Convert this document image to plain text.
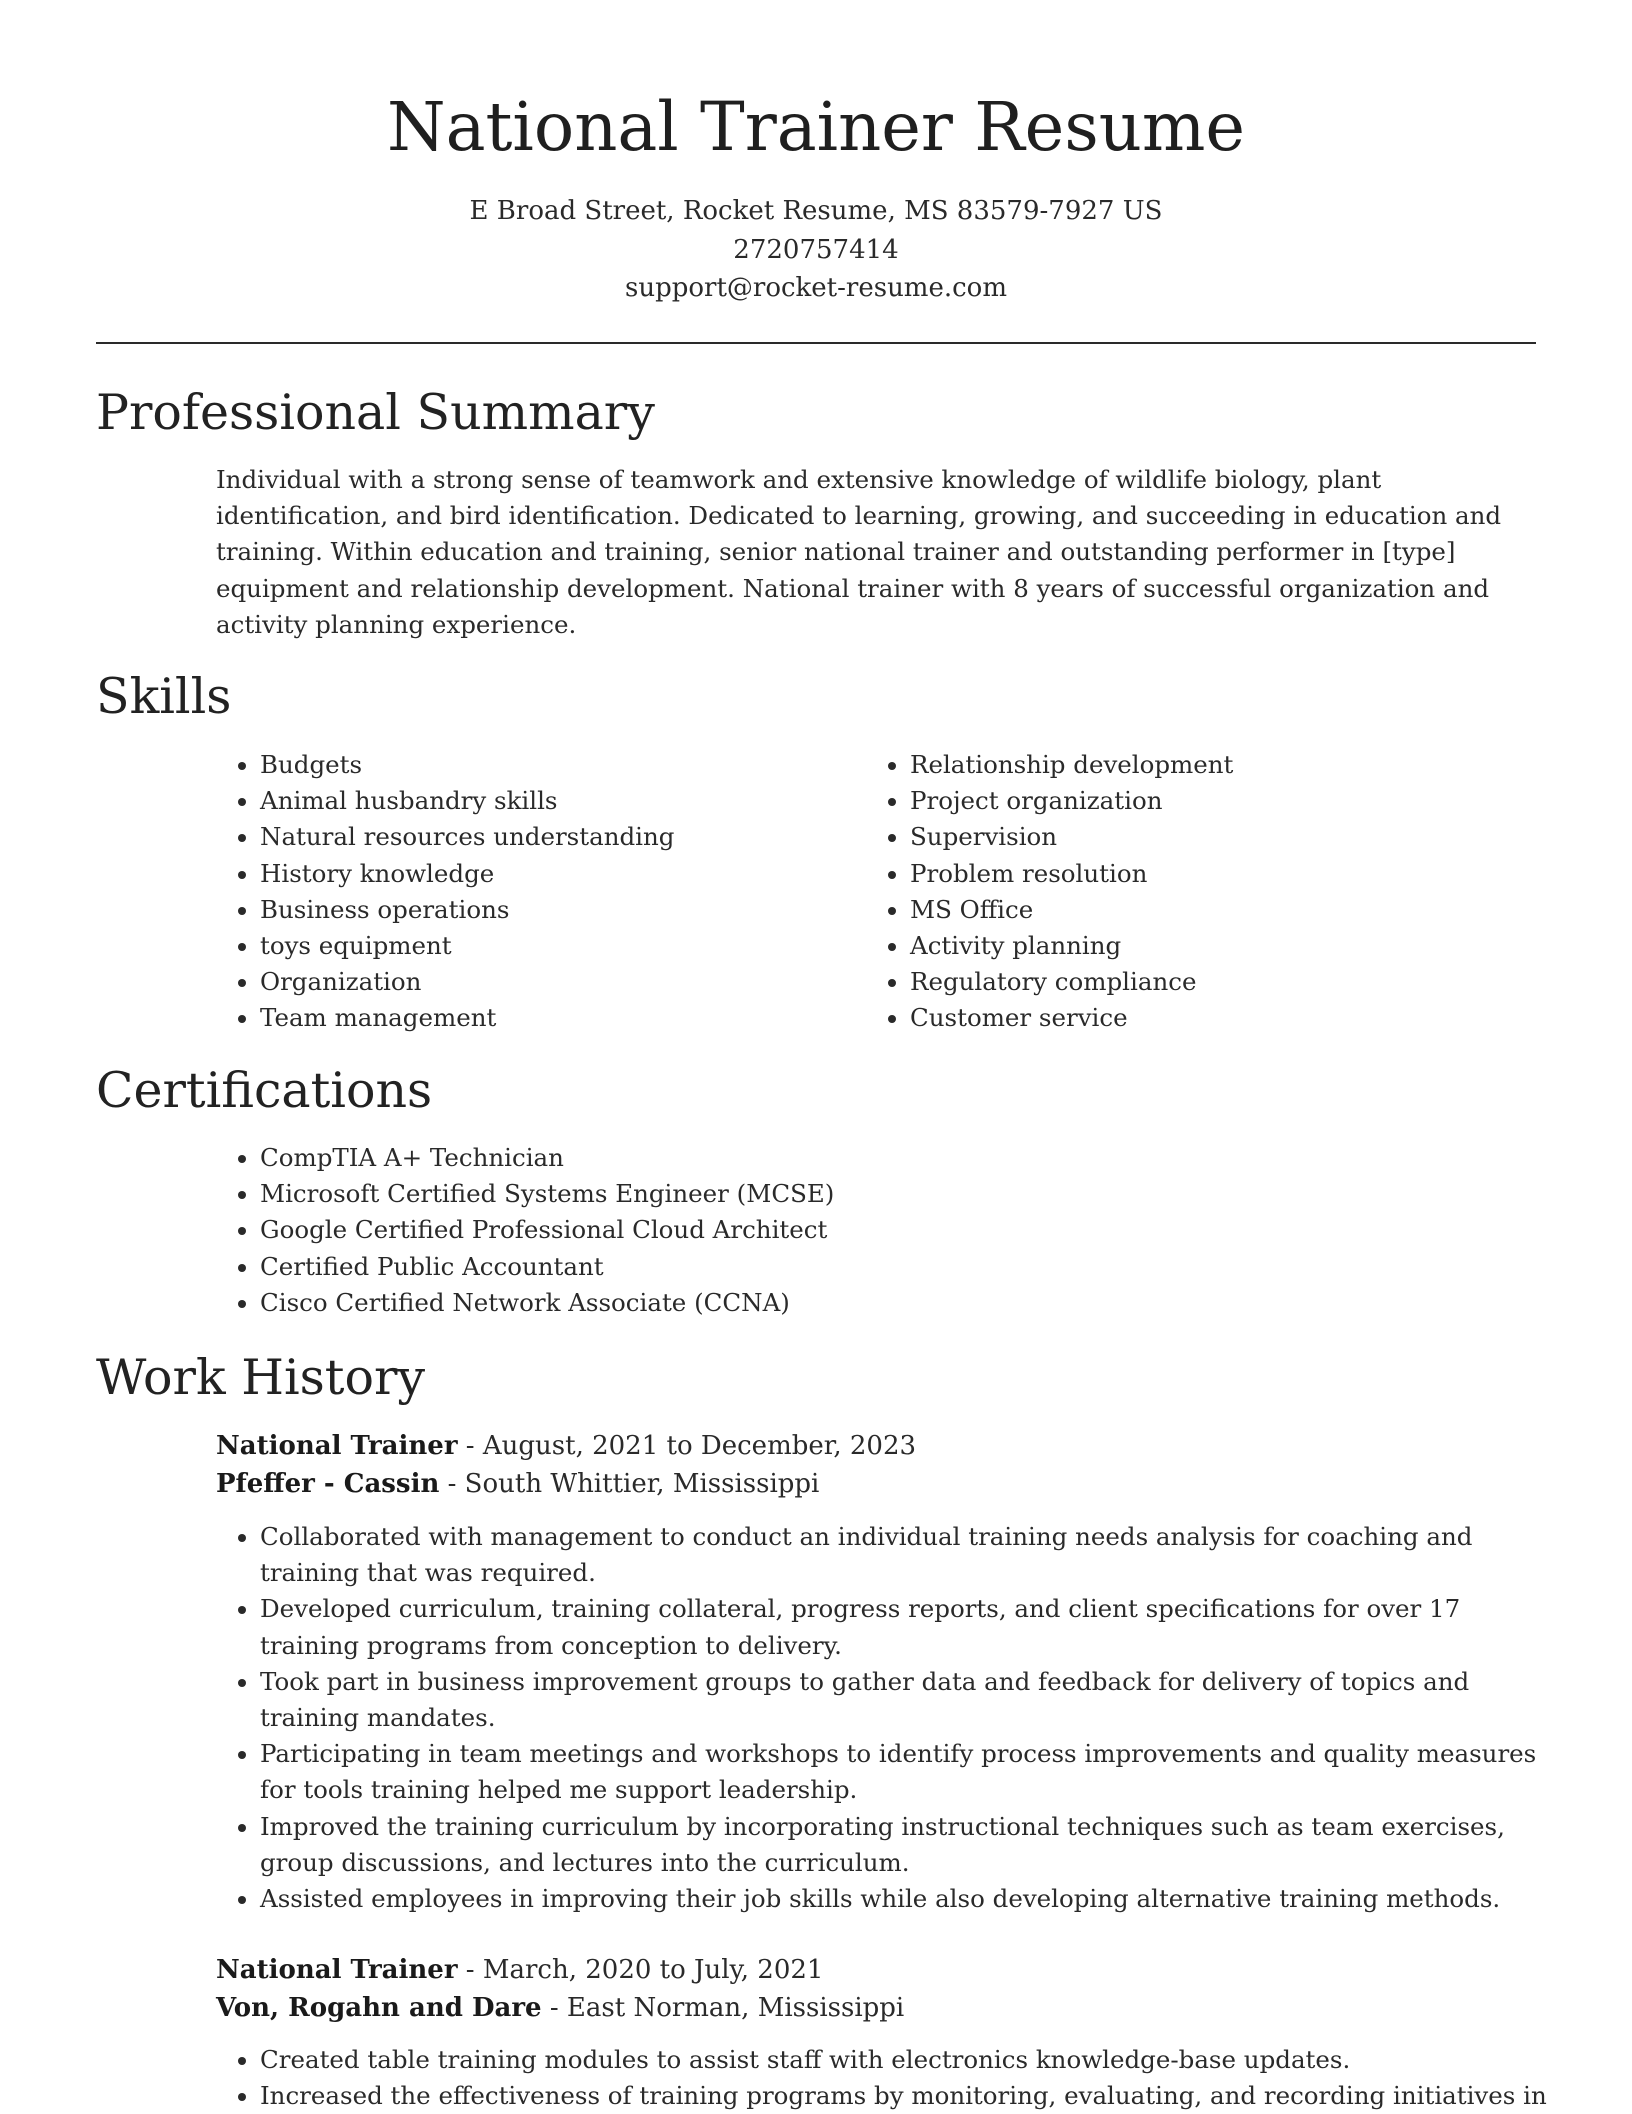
National Trainer Resume
E Broad Street, Rocket Resume, MS 83579-7927 US
2720757414
support@rocket-resume.com
Professional Summary

Individual with a strong sense of teamwork and extensive knowledge of wildlife biology, plant identification, and bird identification. Dedicated to learning, growing, and succeeding in education and training. Within education and training, senior national trainer and outstanding performer in [type] equipment and relationship development. National trainer with 8 years of successful organization and activity planning experience.

Skills
• Budgets
• Animal husbandry skills
• Natural resources understanding
• History knowledge
• Business operations
• toys equipment
• Organization
• Team management
• Relationship development
• Project organization
• Supervision
• Problem resolution
• MS Office
• Activity planning
• Regulatory compliance
• Customer service
Certifications
• CompTIA A+ Technician
• Microsoft Certified Systems Engineer (MCSE)
• Google Certified Professional Cloud Architect
• Certified Public Accountant
• Cisco Certified Network Associate (CCNA)
Work History
National Trainer - August, 2021 to December, 2023
Pfeffer - Cassin - South Whittier, Mississippi
• Collaborated with management to conduct an individual training needs analysis for coaching and training that was required.
• Developed curriculum, training collateral, progress reports, and client specifications for over 17 training programs from conception to delivery.
• Took part in business improvement groups to gather data and feedback for delivery of topics and training mandates.
• Participating in team meetings and workshops to identify process improvements and quality measures for tools training helped me support leadership.
• Improved the training curriculum by incorporating instructional techniques such as team exercises, group discussions, and lectures into the curriculum.
• Assisted employees in improving their job skills while also developing alternative training methods.
National Trainer - March, 2020 to July, 2021
Von, Rogahn and Dare - East Norman, Mississippi
• Created table training modules to assist staff with electronics knowledge-base updates.
• Increased the effectiveness of training programs by monitoring, evaluating, and recording initiatives in
